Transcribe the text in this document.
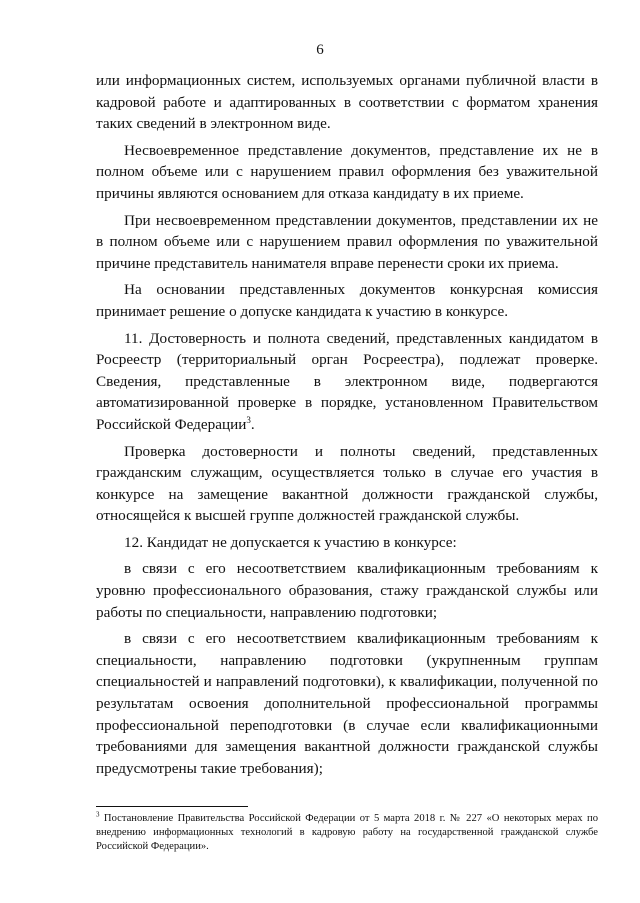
6

или информационных систем, используемых органами публичной власти в кадровой работе и адаптированных в соответствии с форматом хранения таких сведений в электронном виде.

Несвоевременное представление документов, представление их не в полном объеме или с нарушением правил оформления без уважительной причины являются основанием для отказа кандидату в их приеме.

При несвоевременном представлении документов, представлении их не в полном объеме или с нарушением правил оформления по уважительной причине представитель нанимателя вправе перенести сроки их приема.

На основании представленных документов конкурсная комиссия принимает решение о допуске кандидата к участию в конкурсе.

11. Достоверность и полнота сведений, представленных кандидатом в Росреестр (территориальный орган Росреестра), подлежат проверке. Сведения, представленные в электронном виде, подвергаются автоматизированной проверке в порядке, установленном Правительством Российской Федерации$^3$.

Проверка достоверности и полноты сведений, представленных гражданским служащим, осуществляется только в случае его участия в конкурсе на замещение вакантной должности гражданской службы, относящейся к высшей группе должностей гражданской службы.

12. Кандидат не допускается к участию в конкурсе:

в связи с его несоответствием квалификационным требованиям к уровню профессионального образования, стажу гражданской службы или работы по специальности, направлению подготовки;

в связи с его несоответствием квалификационным требованиям к специальности, направлению подготовки (укрупненным группам специальностей и направлений подготовки), к квалификации, полученной по результатам освоения дополнительной профессиональной программы профессиональной переподготовки (в случае если квалификационными требованиями для замещения вакантной должности гражданской службы предусмотрены такие требования);

$^3$ Постановление Правительства Российской Федерации от 5 марта 2018 г. № 227 «О некоторых мерах по внедрению информационных технологий в кадровую работу на государственной гражданской службе Российской Федерации».
